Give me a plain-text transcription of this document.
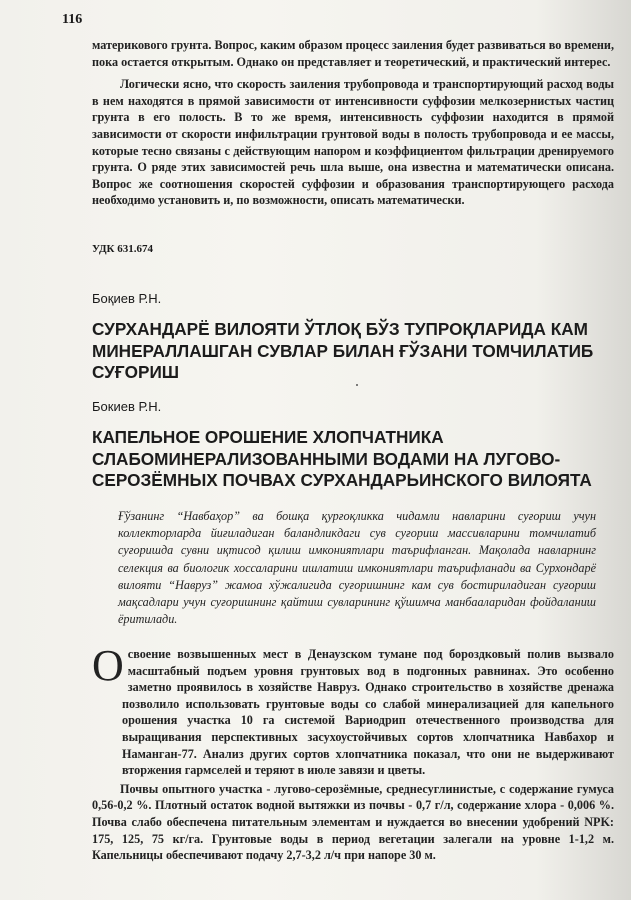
116

материкового грунта. Вопрос, каким образом процесс заиления будет развиваться во времени, пока остается открытым. Однако он представляет и теоретический, и практический интерес.

Логически ясно, что скорость заиления трубопровода и транспортирующий расход воды в нем находятся в прямой зависимости от интенсивности суффозии мелкозернистых частиц грунта в его полость. В то же время, интенсивность суффозии находится в прямой зависимости от скорости инфильтрации грунтовой воды в полость трубопровода и ее массы, которые тесно связаны с действующим напором и коэффициентом фильтрации дренируемого грунта. О ряде этих зависимостей речь шла выше, она известна и математически описана. Вопрос же соотношения скоростей суффозии и образования транспортирующего расхода необходимо установить и, по возможности, описать математически.

УДК 631.674
Боқиев Р.Н.
СУРХАНДАРЁ ВИЛОЯТИ ЎТЛОҚ БЎЗ ТУПРОҚЛАРИДА КАМ МИНЕРАЛЛАШГАН СУВЛАР БИЛАН ҒЎЗАНИ ТОМЧИЛАТИБ СУҒОРИШ
Бокиев Р.Н.
КАПЕЛЬНОЕ ОРОШЕНИЕ ХЛОПЧАТНИКА СЛАБОМИНЕРАЛИЗОВАННЫМИ ВОДАМИ НА ЛУГОВО-СЕРОЗЁМНЫХ ПОЧВАХ СУРХАНДАРЬИНСКОГО ВИЛОЯТА

Ғўзанинг “Навбаҳор” ва бошқа қурғоқликка чидамли навларини суғориш учун коллекторларда йиғиладиган баландликдаги сув суғориш массивларини томчилатиб суғоришда сувни иқтисод қилиш имкониятлари таърифланган. Мақолада навларнинг селекция ва биологик хоссаларини ишлатиш имкониятлари таърифланади ва Сурхондарё вилояти “Навруз” жамоа хўжалигида суғоришнинг кам сув бостириладиган суғориш мақсадлари учун суғоришнинг қайтиш сувларининг қўшимча манбааларидан фойдаланиш ёритилади.

Освоение возвышенных мест в Денаузском тумане под бороздковый полив вызвало масштабный подъем уровня грунтовых вод в подгонных равнинах. Это особенно заметно проявилось в хозяйстве Навруз. Однако строительство в хозяйстве дренажа позволило использовать грунтовые воды со слабой минерализацией для капельного орошения участка 10 га системой Вариодрип отечественного производства для выращивания перспективных засухоустойчивых сортов хлопчатника Навбахор и Наманган-77. Анализ других сортов хлопчатника показал, что они не выдерживают вторжения гармселей и теряют в июле завязи и цветы.

Почвы опытного участка - лугово-серозёмные, среднесуглинистые, с содержание гумуса 0,56-0,2 %. Плотный остаток водной вытяжки из почвы - 0,7 г/л, содержание хлора - 0,006 %. Почва слабо обеспечена питательным элементам и нуждается во внесении удобрений NPK: 175, 125, 75 кг/га. Грунтовые воды в период вегетации залегали на уровне 1-1,2 м. Капельницы обеспечивают подачу 2,7-3,2 л/ч при напоре 30 м.
